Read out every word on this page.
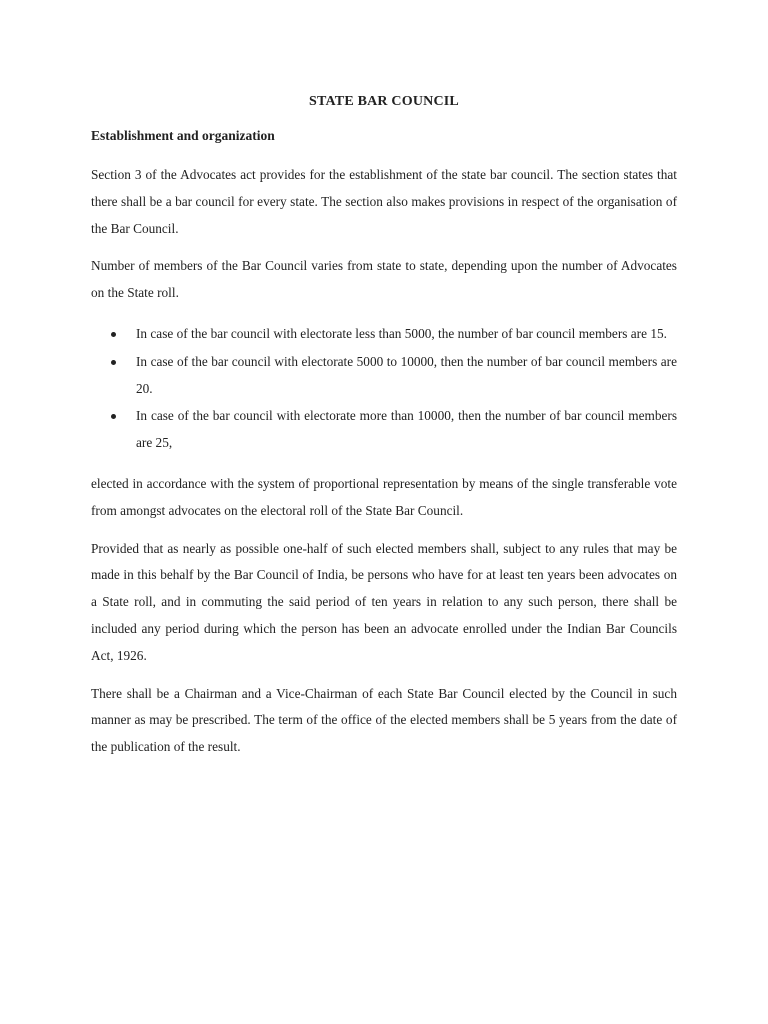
STATE BAR COUNCIL
Establishment and organization

Section 3 of the Advocates act provides for the establishment of the state bar council. The section states that there shall be a bar council for every state. The section also makes provisions in respect of the organisation of the Bar Council.

Number of members of the Bar Council varies from state to state, depending upon the number of Advocates on the State roll.

In case of the bar council with electorate less than 5000, the number of bar council members are 15.
In case of the bar council with electorate 5000 to 10000, then the number of bar council members are 20.
In case of the bar council with electorate more than 10000, then the number of bar council members are 25,

elected in accordance with the system of proportional representation by means of the single transferable vote from amongst advocates on the electoral roll of the State Bar Council.

Provided that as nearly as possible one-half of such elected members shall, subject to any rules that may be made in this behalf by the Bar Council of India, be persons who have for at least ten years been advocates on a State roll, and in commuting the said period of ten years in relation to any such person, there shall be included any period during which the person has been an advocate enrolled under the Indian Bar Councils Act, 1926.

There shall be a Chairman and a Vice-Chairman of each State Bar Council elected by the Council in such manner as may be prescribed. The term of the office of the elected members shall be 5 years from the date of the publication of the result.
